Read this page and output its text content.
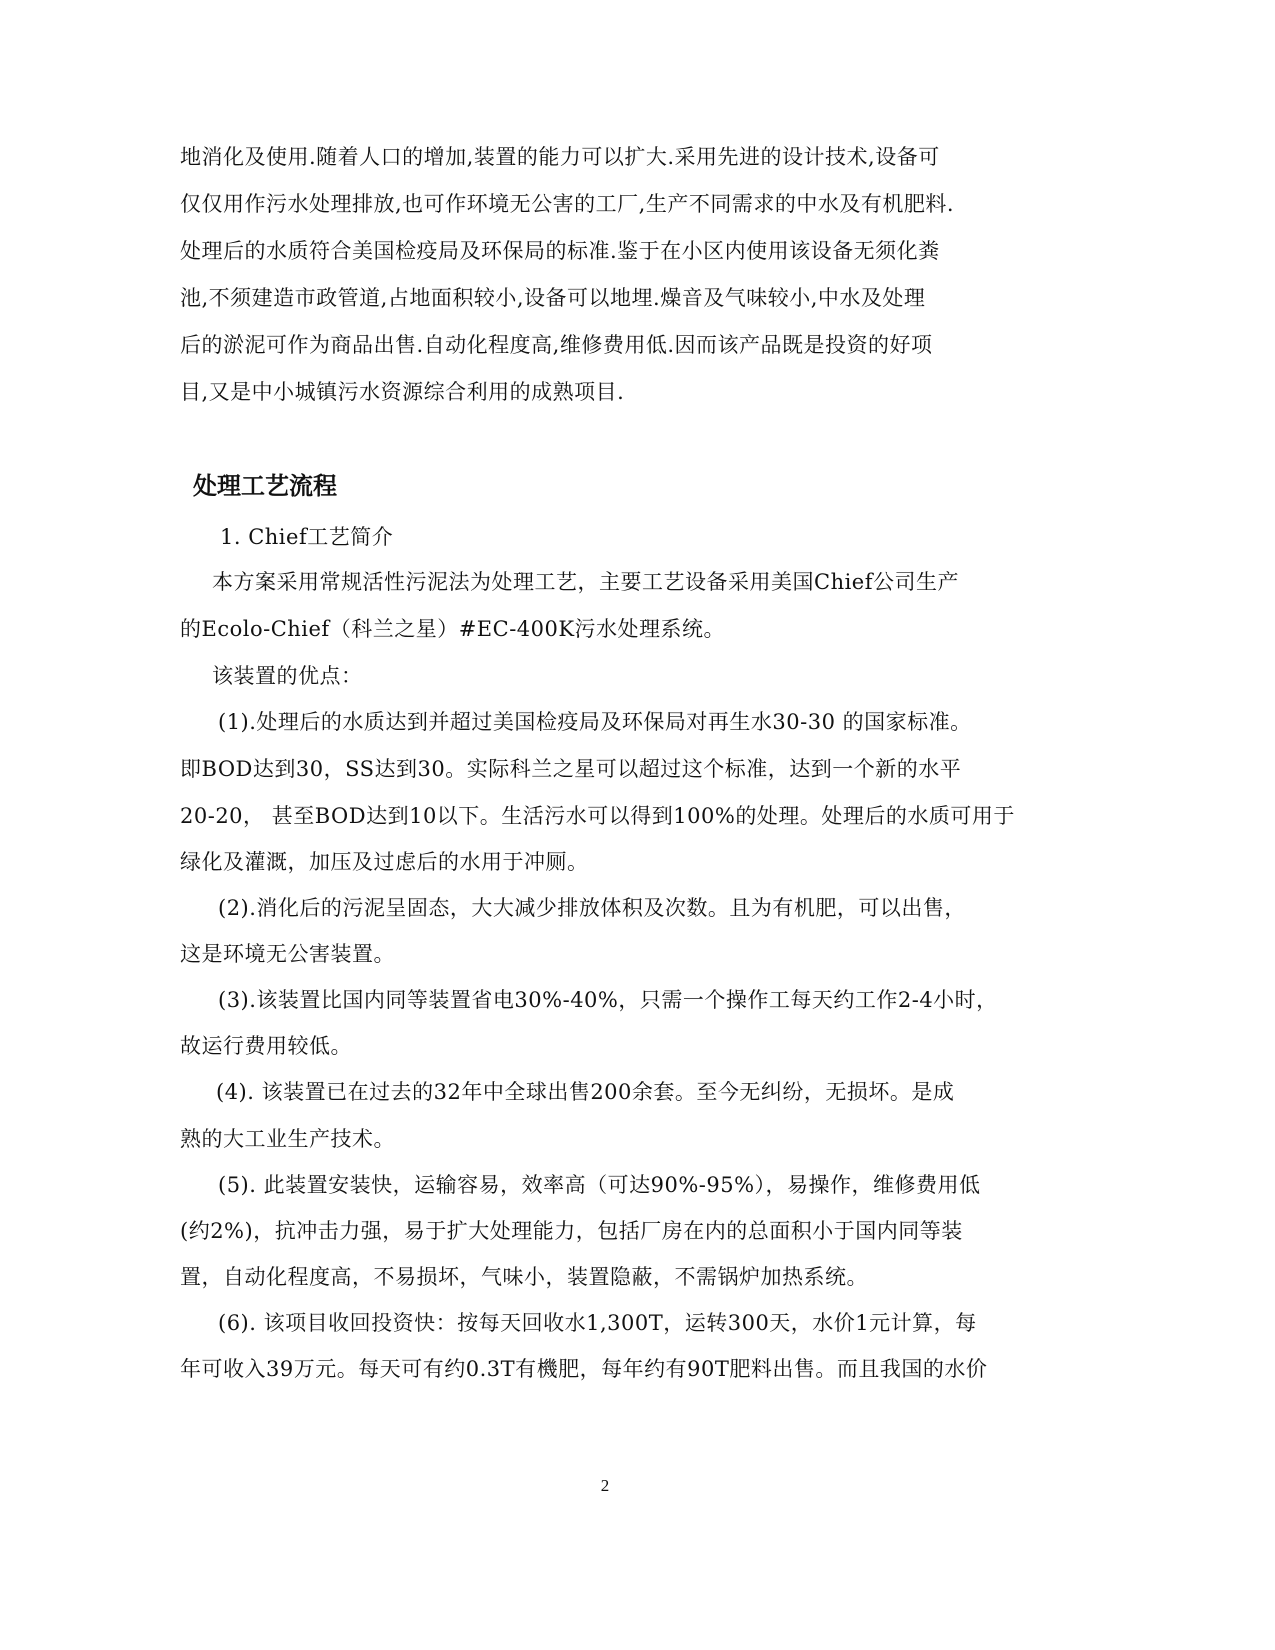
地消化及使用.随着人口的增加,装置的能力可以扩大.采用先进的设计技术,设备可
仅仅用作污水处理排放,也可作环境无公害的工厂,生产不同需求的中水及有机肥料.
处理后的水质符合美国检疫局及环保局的标准.鉴于在小区内使用该设备无须化粪
池,不须建造市政管道,占地面积较小,设备可以地埋.燥音及气味较小,中水及处理
后的淤泥可作为商品出售.自动化程度高,维修费用低.因而该产品既是投资的好项
目,又是中小城镇污水资源综合利用的成熟项目.
处理工艺流程
1. Chief工艺简介
本方案采用常规活性污泥法为处理工艺，主要工艺设备采用美国Chief公司生产
的Ecolo-Chief（科兰之星）#EC-400K污水处理系统。
该装置的优点：
(1).处理后的水质达到并超过美国检疫局及环保局对再生水30-30 的国家标准。
即BOD达到30，SS达到30。实际科兰之星可以超过这个标准，达到一个新的水平
20-20， 甚至BOD达到10以下。生活污水可以得到100%的处理。处理后的水质可用于
绿化及灌溉，加压及过虑后的水用于冲厕。
(2).消化后的污泥呈固态，大大减少排放体积及次数。且为有机肥，可以出售，
这是环境无公害装置。
(3).该装置比国内同等装置省电30%-40%，只需一个操作工每天约工作2-4小时，
故运行费用较低。
(4). 该装置已在过去的32年中全球出售200余套。至今无纠纷，无损坏。是成
熟的大工业生产技术。
(5). 此装置安装快，运输容易，效率高（可达90%-95%），易操作，维修费用低
(约2%)，抗冲击力强，易于扩大处理能力，包括厂房在内的总面积小于国内同等装
置，自动化程度高，不易损坏，气味小，装置隐蔽，不需锅炉加热系统。
(6). 该项目收回投资快：按每天回收水1,300T，运转300天，水价1元计算，每
年可收入39万元。每天可有约0.3T有機肥，每年约有90T肥料出售。而且我国的水价
2
